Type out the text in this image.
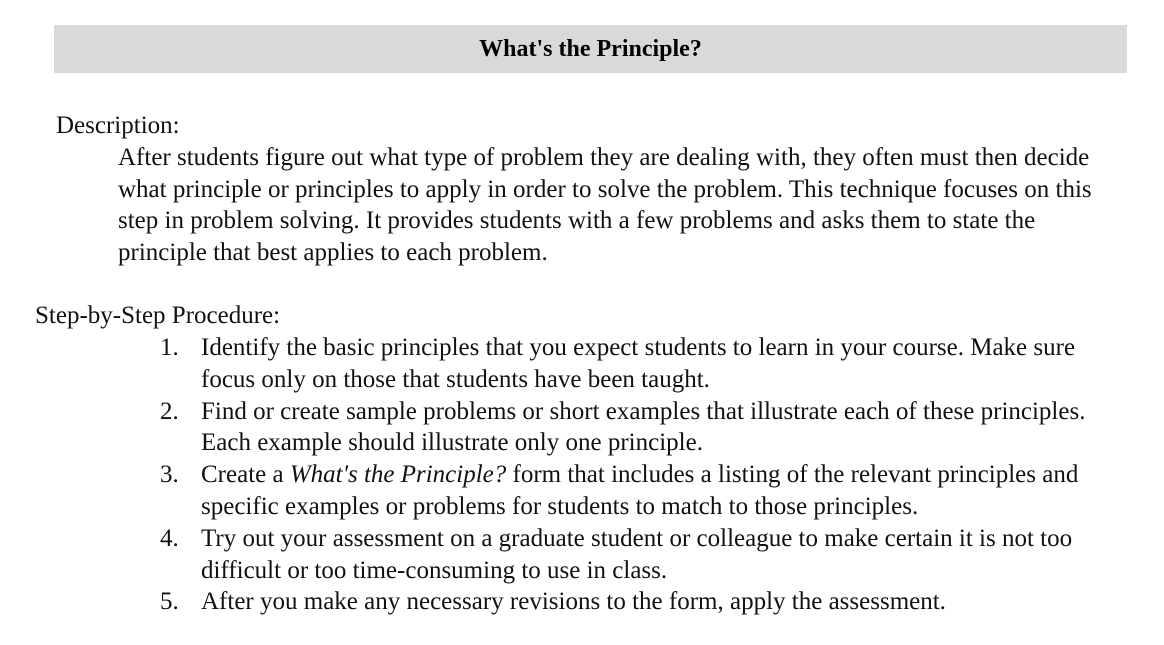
What's the Principle?
Description:

After students figure out what type of problem they are dealing with, they often must then decide what principle or principles to apply in order to solve the problem. This technique focuses on this step in problem solving. It provides students with a few problems and asks them to state the principle that best applies to each problem.

Step-by-Step Procedure:
1. Identify the basic principles that you expect students to learn in your course. Make sure focus only on those that students have been taught.
2. Find or create sample problems or short examples that illustrate each of these principles. Each example should illustrate only one principle.
3. Create a What's the Principle? form that includes a listing of the relevant principles and specific examples or problems for students to match to those principles.
4. Try out your assessment on a graduate student or colleague to make certain it is not too difficult or too time-consuming to use in class.
5. After you make any necessary revisions to the form, apply the assessment.
